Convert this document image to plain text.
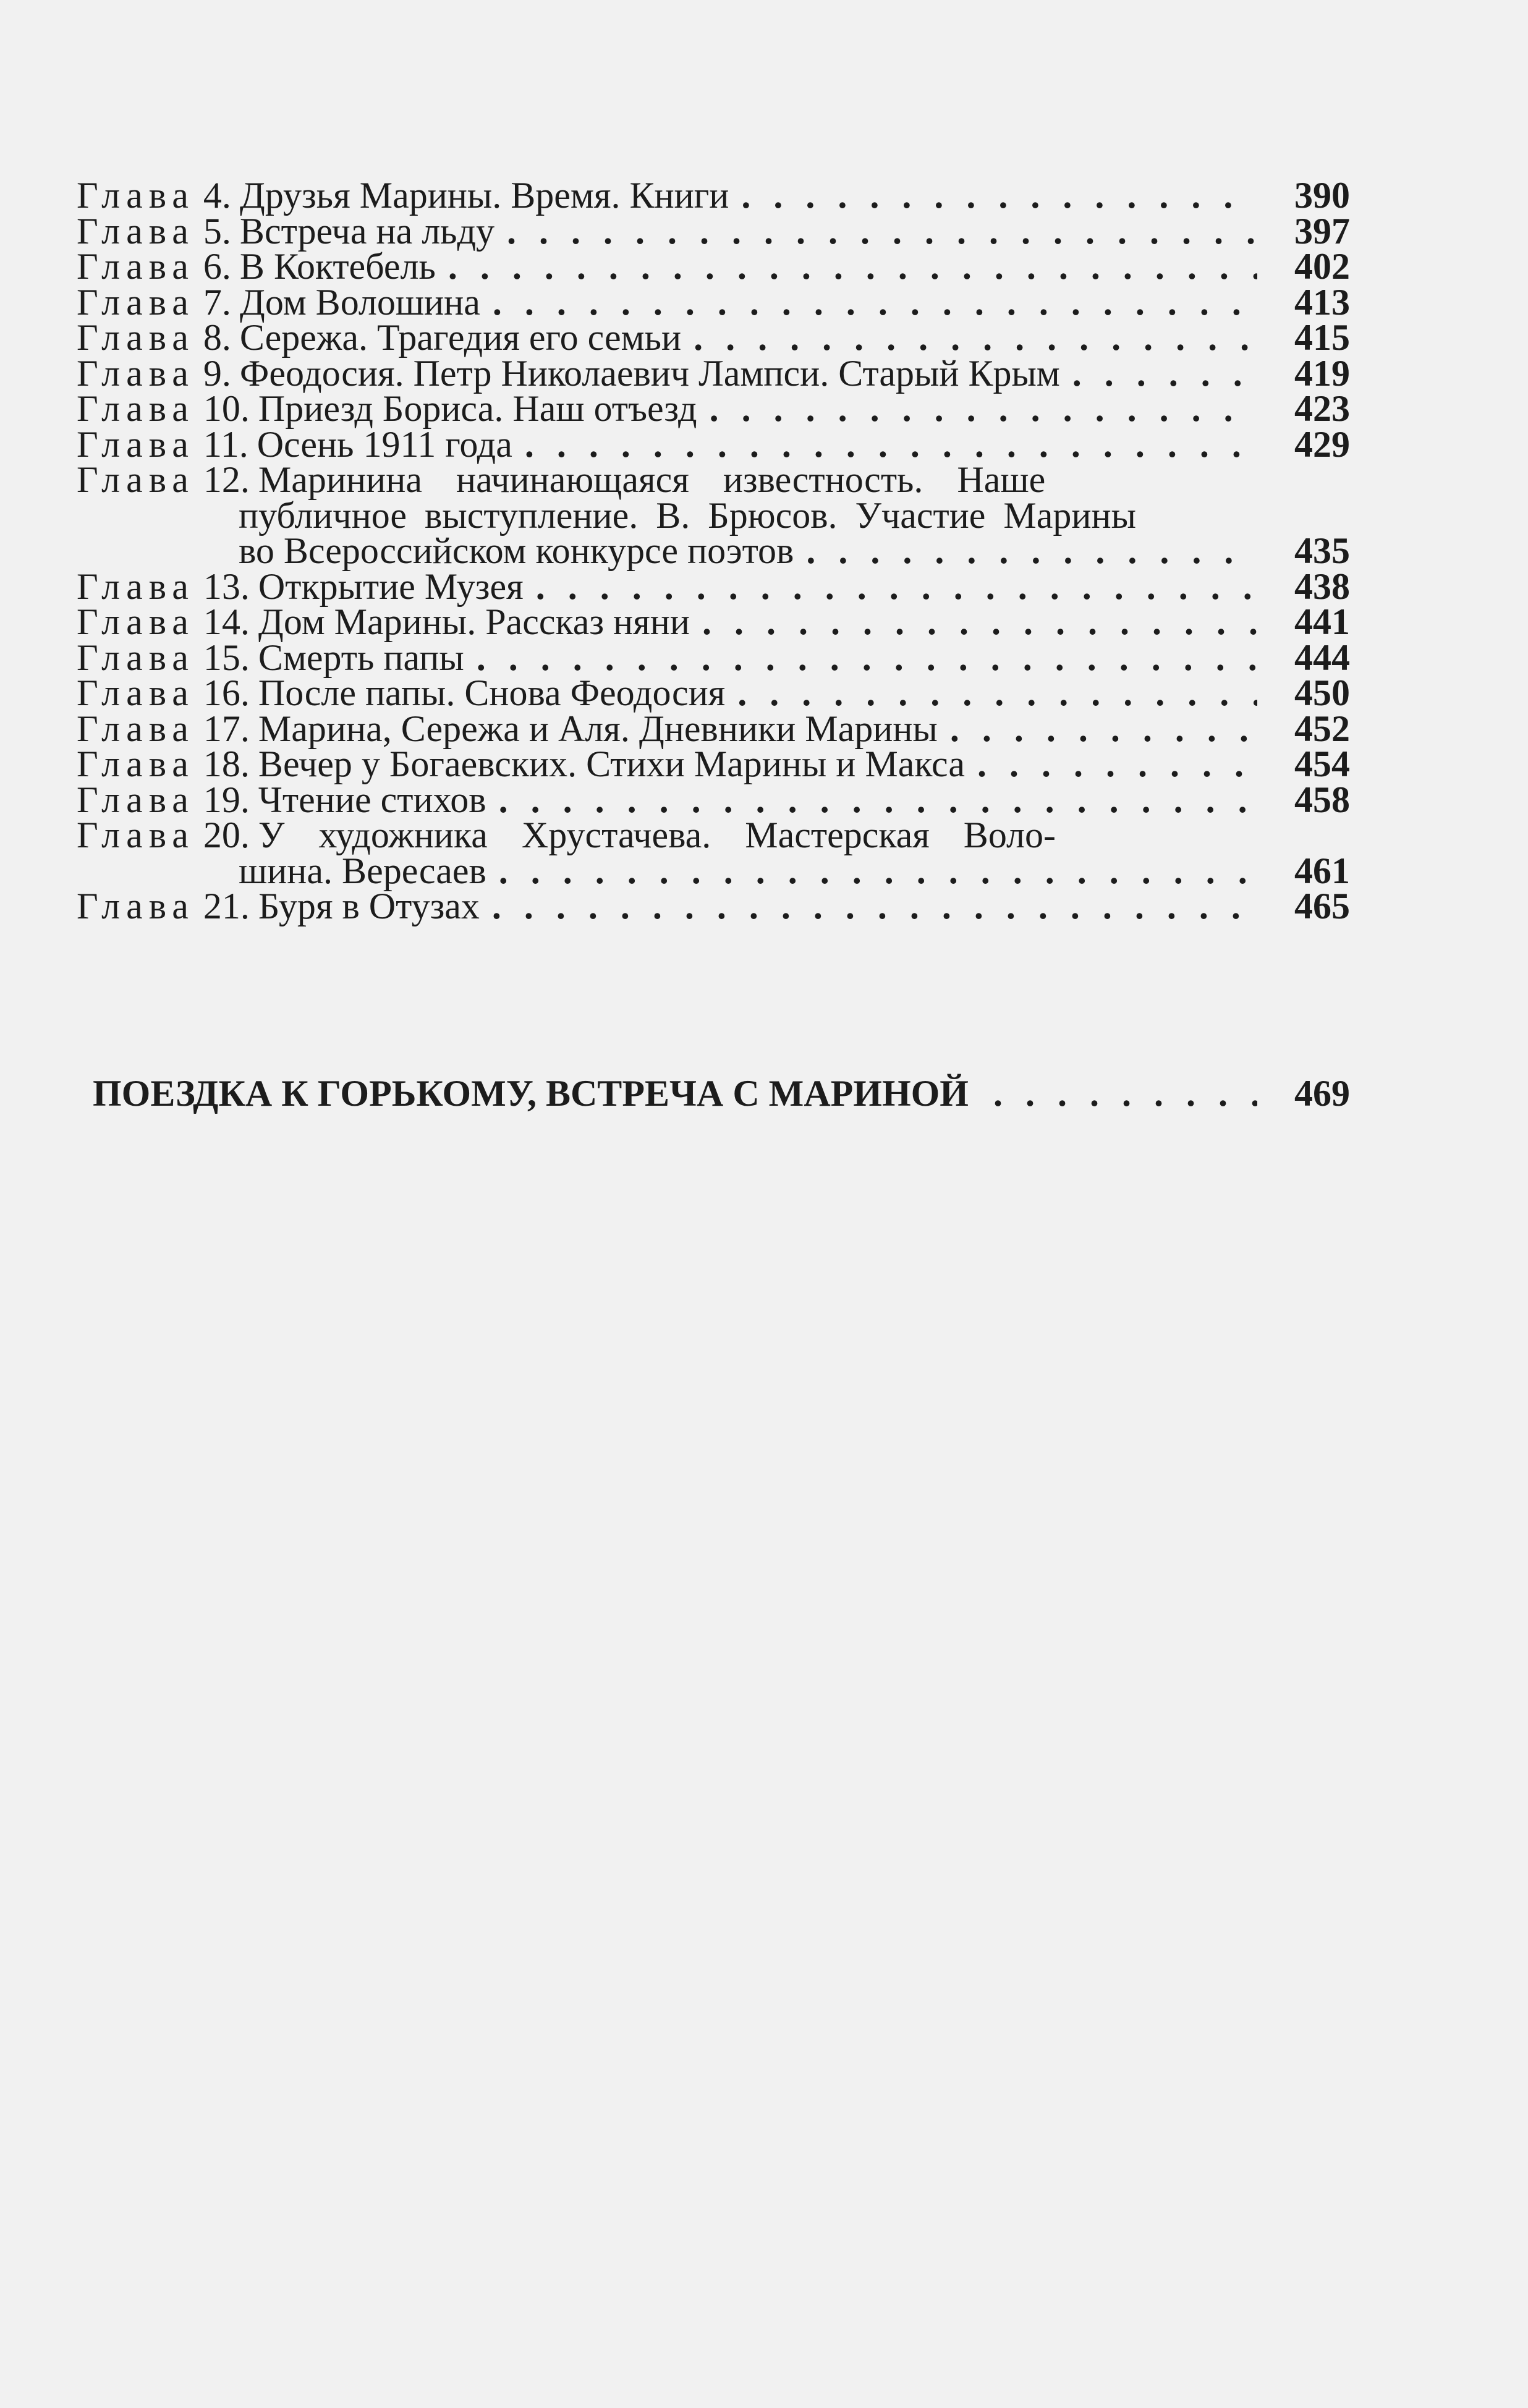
Глава 4. Друзья Марины. Время. Книги . . .	390
Глава 5. Встреча на льду . . .	397
Глава 6. В Коктебель . . .	402
Глава 7. Дом Волошина . . .	413
Глава 8. Сережа. Трагедия его семьи . . .	415
Глава 9. Феодосия. Петр Николаевич Лампси. Старый Крым . . .	419
Глава 10. Приезд Бориса. Наш отъезд . . .	423
Глава 11. Осень 1911 года . . .	429
Глава 12. Маринина начинающаяся известность. Наше
публичное выступление. В. Брюсов. Участие Марины
во Всероссийском конкурсе поэтов . . .	435
Глава 13. Открытие Музея . . .	438
Глава 14. Дом Марины. Рассказ няни . . .	441
Глава 15. Смерть папы . . .	444
Глава 16. После папы. Снова Феодосия . . .	450
Глава 17. Марина, Сережа и Аля. Дневники Марины . . .	452
Глава 18. Вечер у Богаевских. Стихи Марины и Макса . . .	454
Глава 19. Чтение стихов . . .	458
Глава 20. У художника Хрустачева. Мастерская Воло-
шина. Вересаев . . .	461
Глава 21. Буря в Отузах . . .	465
ПОЕЗДКА К ГОРЬКОМУ, ВСТРЕЧА С МАРИНОЙ . . .	469
